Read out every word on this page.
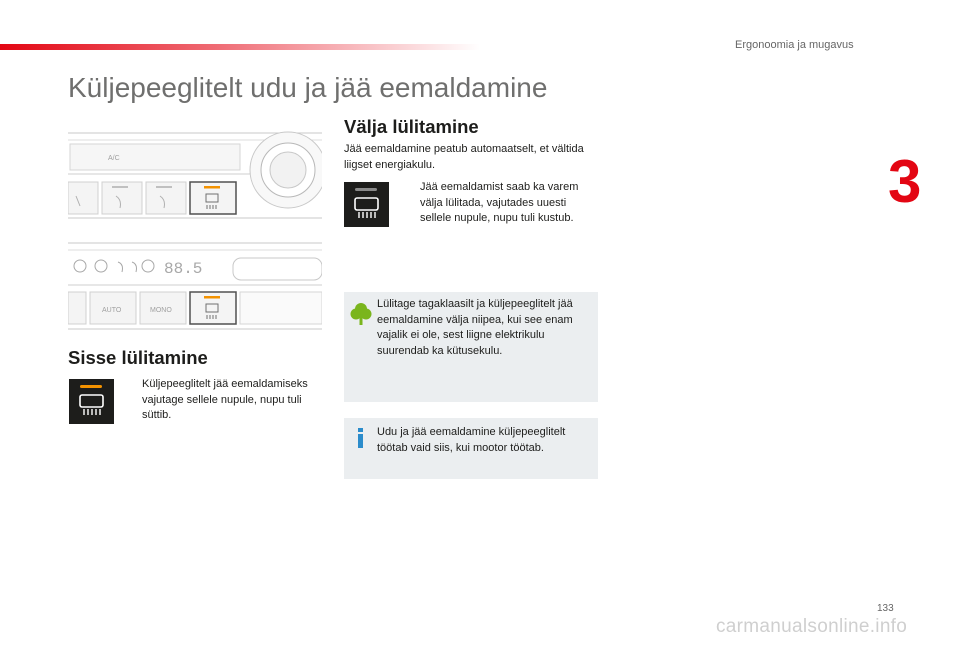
Ergonoomia ja mugavus
3
Küljepeeglitelt udu ja jää eemaldamine
A/C
88.5
AUTO	MONO
Sisse lülitamine
Küljepeeglitelt jää eemaldamiseks vajutage sellele nupule, nupu tuli süttib.
Välja lülitamine
Jää eemaldamine peatub automaatselt, et vältida liigset energiakulu.
Jää eemaldamist saab ka varem välja lülitada, vajutades uuesti sellele nupule, nupu tuli kustub.
Lülitage tagaklaasilt ja küljepeeglitelt jää eemaldamine välja niipea, kui see enam vajalik ei ole, sest liigne elektrikulu suurendab ka kütusekulu.
Udu ja jää eemaldamine küljepeeglitelt töötab vaid siis, kui mootor töötab.
133
carmanualsonline.info
